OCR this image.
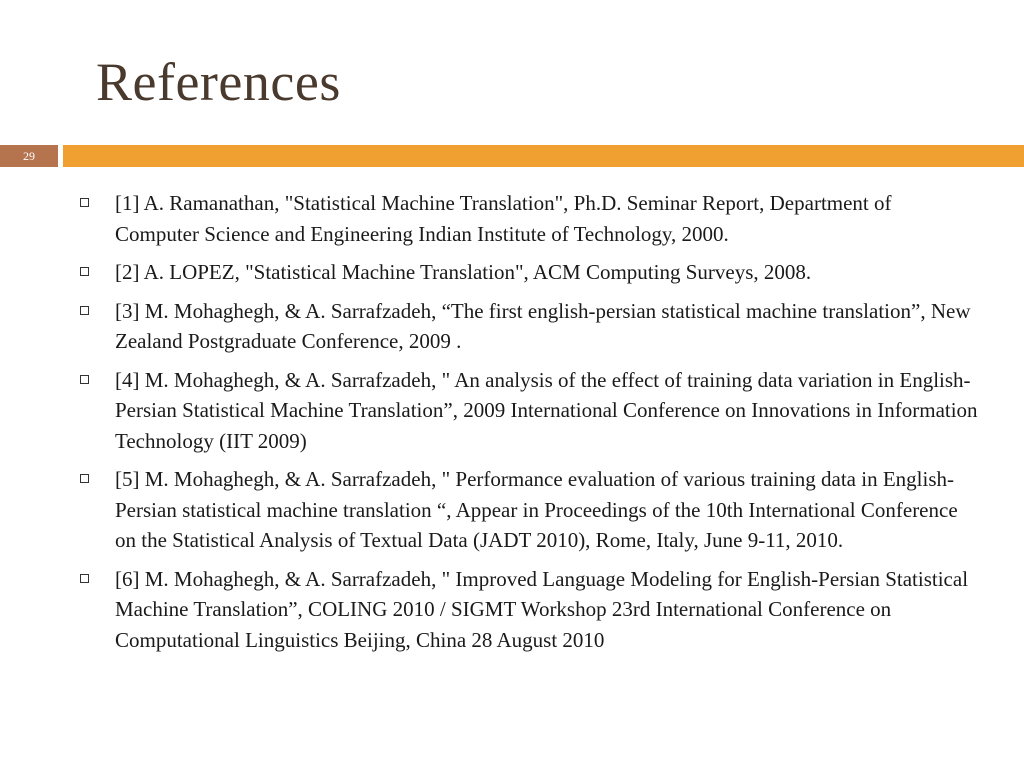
References
29
[1] A. Ramanathan, "Statistical Machine Translation", Ph.D. Seminar Report, Department of Computer Science and Engineering Indian Institute of Technology, 2000.
[2] A. LOPEZ, "Statistical Machine Translation", ACM Computing Surveys, 2008.
[3] M. Mohaghegh, & A. Sarrafzadeh, “The first english-persian statistical machine translation”, New Zealand Postgraduate Conference, 2009 .
[4] M. Mohaghegh, & A. Sarrafzadeh, " An analysis of the effect of training data variation in English-Persian Statistical Machine Translation”, 2009 International Conference on Innovations in Information Technology (IIT 2009)
[5] M. Mohaghegh, & A. Sarrafzadeh, " Performance evaluation of various training data in English-Persian statistical machine translation “, Appear in Proceedings of the 10th International Conference on the Statistical Analysis of Textual Data (JADT 2010), Rome, Italy, June 9-11, 2010.
[6] M. Mohaghegh, & A. Sarrafzadeh, " Improved Language Modeling for English-Persian Statistical Machine Translation”, COLING 2010 / SIGMT Workshop 23rd International Conference on Computational Linguistics Beijing, China 28 August 2010
